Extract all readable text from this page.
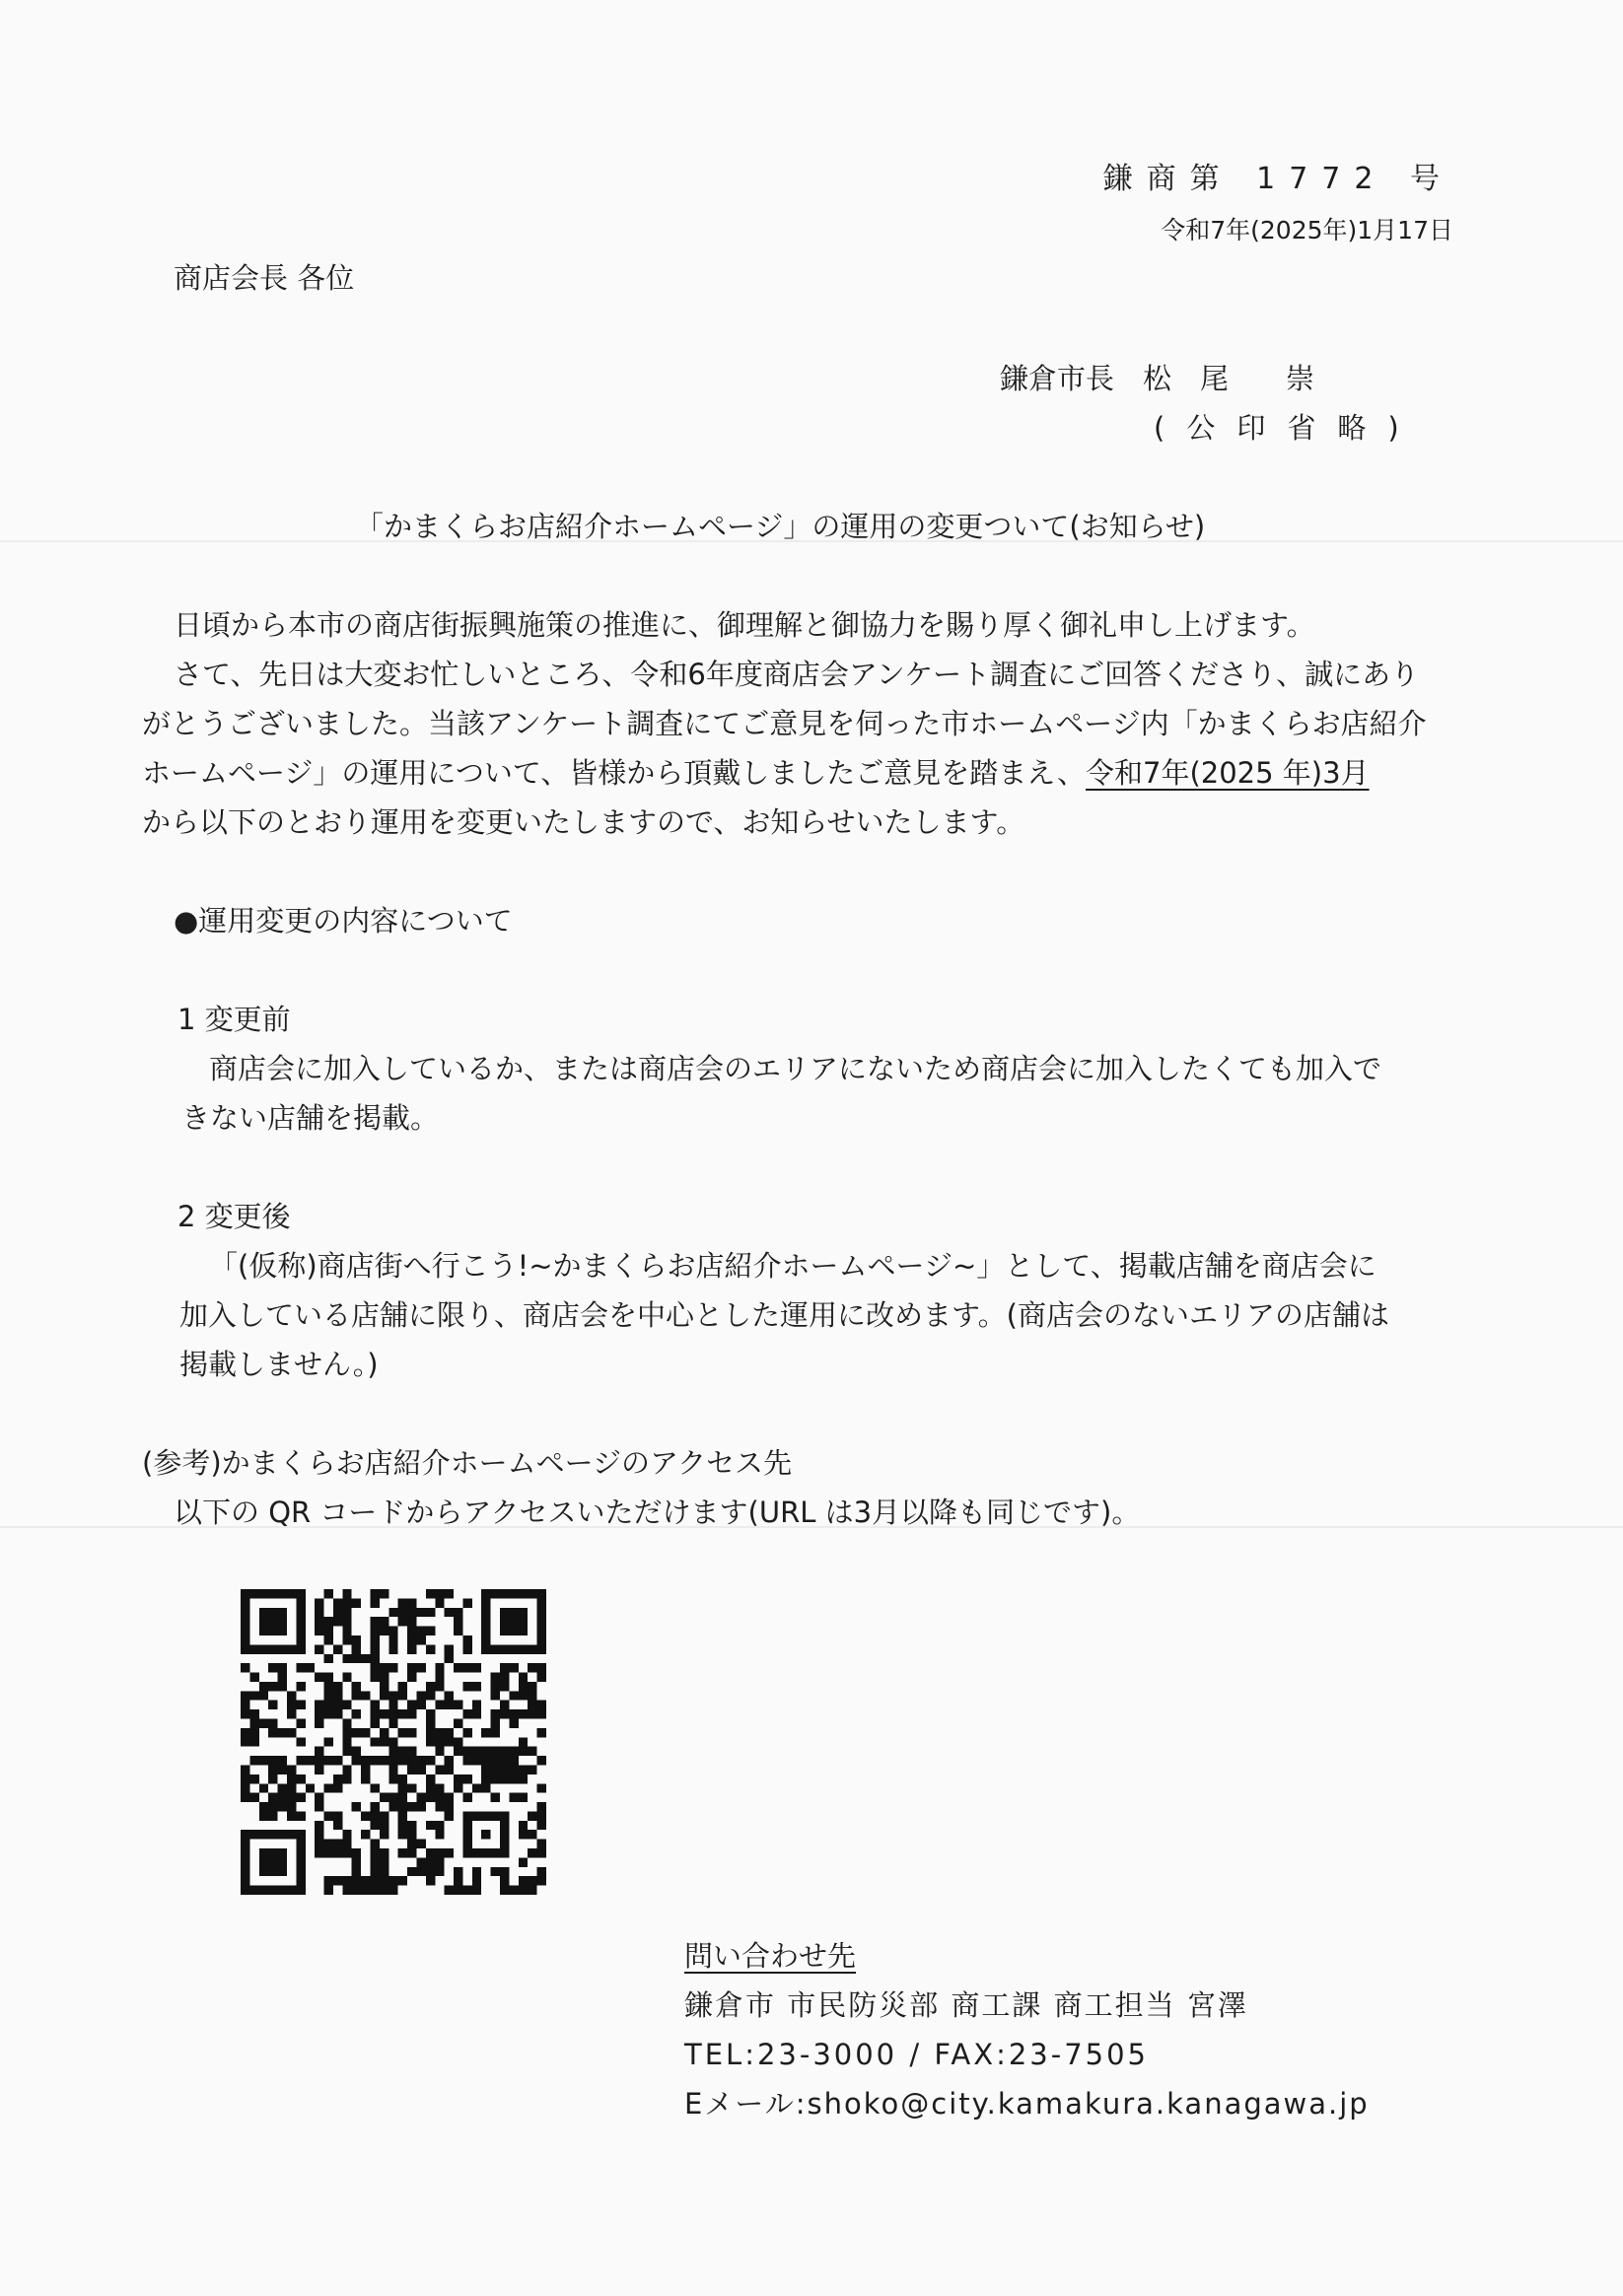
鎌商第 1772 号
令和7年(2025年)1月17日
商店会長 各位
鎌倉市長　松　尾　　崇
(公印省略)
「かまくらお店紹介ホームページ」の運用の変更ついて(お知らせ)
日頃から本市の商店街振興施策の推進に、御理解と御協力を賜り厚く御礼申し上げます。
さて、先日は大変お忙しいところ、令和6年度商店会アンケート調査にご回答くださり、誠にあり
がとうございました。当該アンケート調査にてご意見を伺った市ホームページ内「かまくらお店紹介
ホームページ」の運用について、皆様から頂戴しましたご意見を踏まえ、令和7年(2025 年)3月
から以下のとおり運用を変更いたしますので、お知らせいたします。
●運用変更の内容について
1 変更前
商店会に加入しているか、または商店会のエリアにないため商店会に加入したくても加入で
きない店舗を掲載。
2 変更後
「(仮称)商店街へ行こう!~かまくらお店紹介ホームページ~」として、掲載店舗を商店会に
加入している店舗に限り、商店会を中心とした運用に改めます。(商店会のないエリアの店舗は
掲載しません。)
(参考)かまくらお店紹介ホームページのアクセス先
以下の QR コードからアクセスいただけます(URL は3月以降も同じです)。
問い合わせ先
鎌倉市 市民防災部 商工課 商工担当 宮澤
TEL:23-3000 / FAX:23-7505
Eメール:shoko@city.kamakura.kanagawa.jp
